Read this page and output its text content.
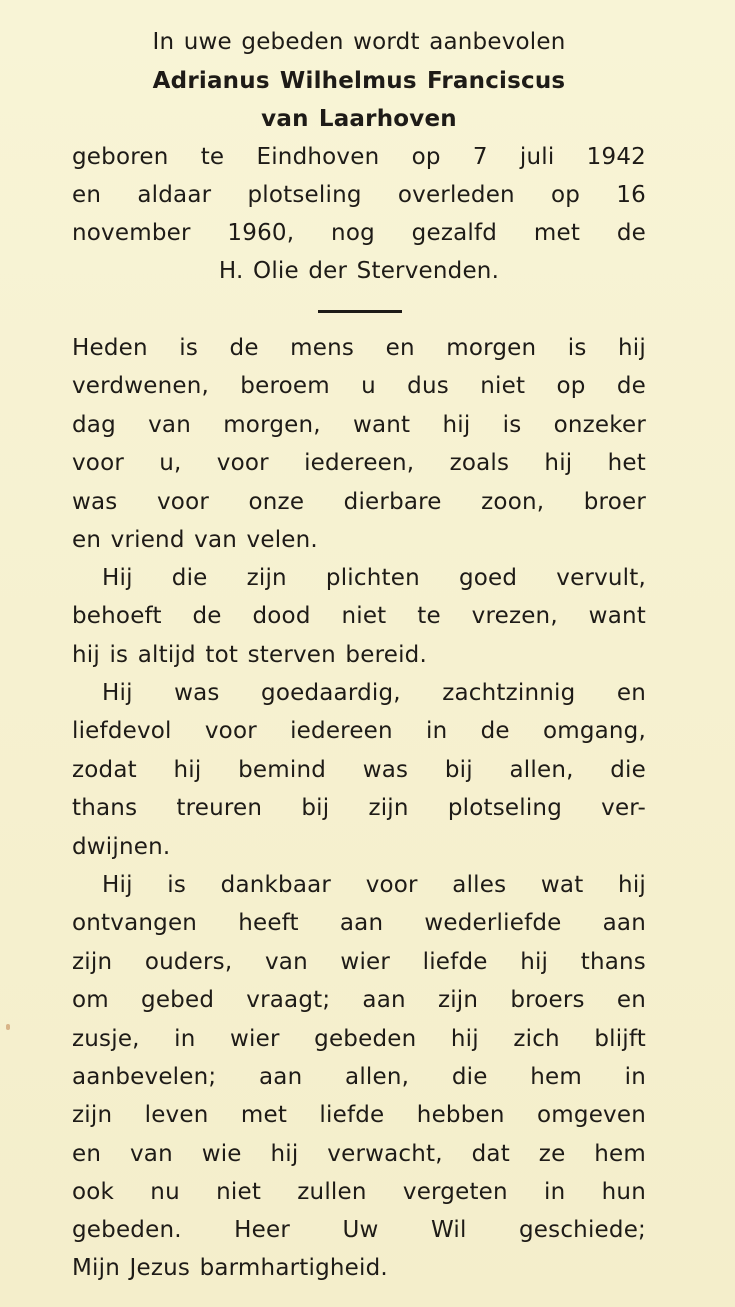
In uwe gebeden wordt aanbevolen
Adrianus Wilhelmus Franciscus
van Laarhoven
geboren te Eindhoven op 7 juli 1942
en aldaar plotseling overleden op 16
november 1960, nog gezalfd met de
H. Olie der Stervenden.
Heden is de mens en morgen is hij
verdwenen, beroem u dus niet op de
dag van morgen, want hij is onzeker
voor u, voor iedereen, zoals hij het
was voor onze dierbare zoon, broer
en vriend van velen.
Hij die zijn plichten goed vervult,
behoeft de dood niet te vrezen, want
hij is altijd tot sterven bereid.
Hij was goedaardig, zachtzinnig en
liefdevol voor iedereen in de omgang,
zodat hij bemind was bij allen, die
thans treuren bij zijn plotseling ver-
dwijnen.
Hij is dankbaar voor alles wat hij
ontvangen heeft aan wederliefde aan
zijn ouders, van wier liefde hij thans
om gebed vraagt; aan zijn broers en
zusje, in wier gebeden hij zich blijft
aanbevelen; aan allen, die hem in
zijn leven met liefde hebben omgeven
en van wie hij verwacht, dat ze hem
ook nu niet zullen vergeten in hun
gebeden. Heer Uw Wil geschiede;
Mijn Jezus barmhartigheid.
